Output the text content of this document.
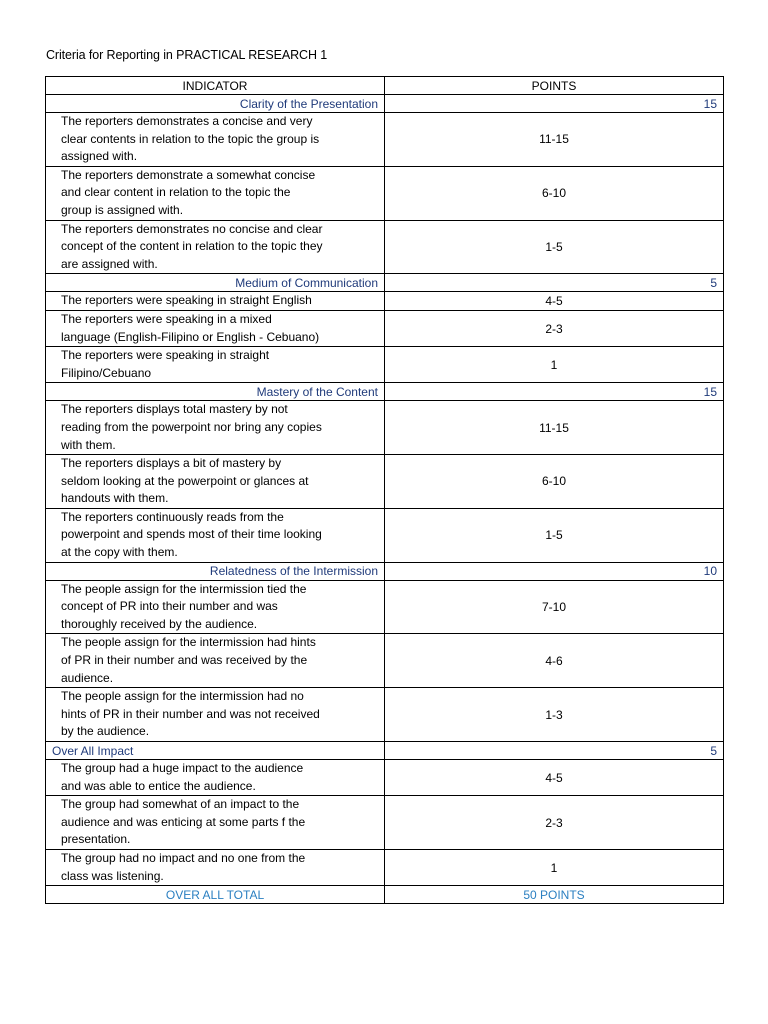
Criteria for Reporting in PRACTICAL RESEARCH 1
INDICATOR	POINTS
Clarity of the Presentation	15

The reporters demonstrates a concise and very clear contents in relation to the topic the group is assigned with.	11-15

The reporters demonstrate a somewhat concise and clear content in relation to the topic the group is assigned with.	6-10

The reporters demonstrates no concise and clear concept of the content in relation to the topic they are assigned with.	1-5
Medium of Communication	5

The reporters were speaking in straight English	4-5

The reporters were speaking in a mixed language (English-Filipino or English - Cebuano)	2-3

The reporters were speaking in straight Filipino/Cebuano	1
Mastery of the Content	15

The reporters displays total mastery by not reading from the powerpoint nor bring any copies with them.	11-15

The reporters displays a bit of mastery by seldom looking at the powerpoint or glances at handouts with them.	6-10

The reporters continuously reads from the powerpoint and spends most of their time looking at the copy with them.	1-5
Relatedness of the Intermission	10

The people assign for the intermission tied the concept of PR into their number and was thoroughly received by the audience.	7-10

The people assign for the intermission had hints of PR in their number and was received by the audience.	4-6

The people assign for the intermission had no hints of PR in their number and was not received by the audience.	1-3
Over All Impact	5

The group had a huge impact to the audience and was able to entice the audience.	4-5

The group had somewhat of an impact to the audience and was enticing at some parts f the presentation.	2-3

The group had no impact and no one from the class was listening.	1
OVER ALL TOTAL	50 POINTS
